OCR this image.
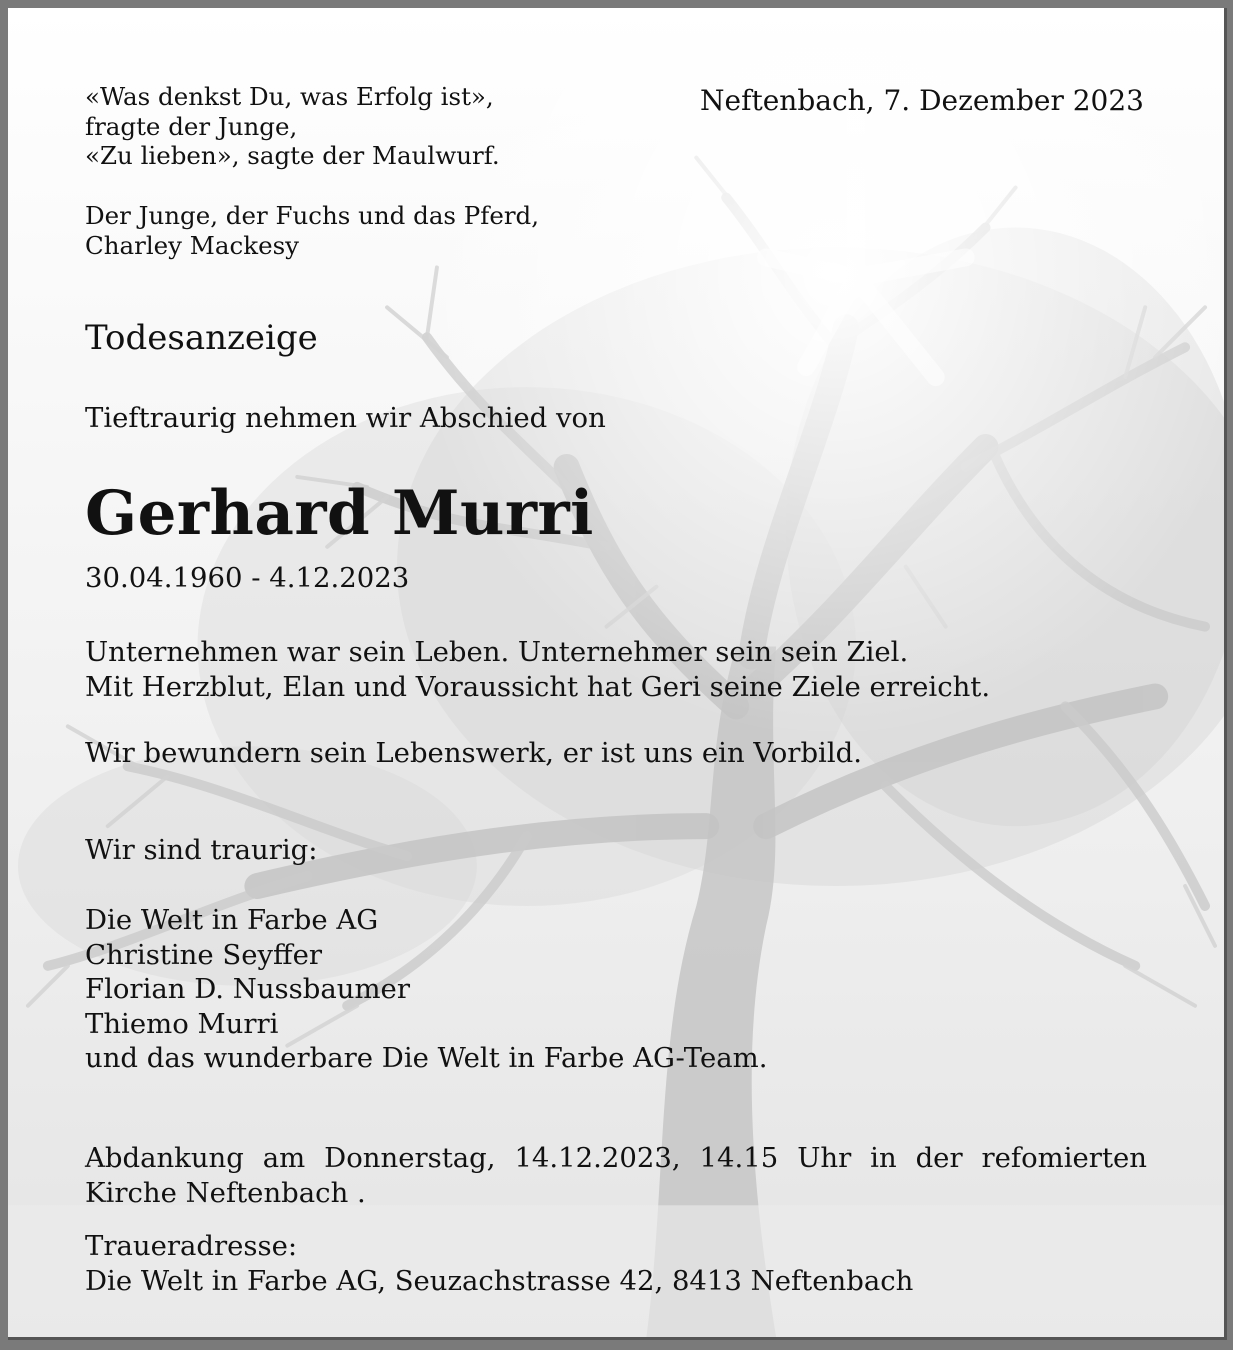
«Was denkst Du, was Erfolg ist»,
fragte der Junge,
«Zu lieben», sagte der Maulwurf.
Der Junge, der Fuchs und das Pferd,
Charley Mackesy
Neftenbach, 7. Dezember 2023
Todesanzeige
Tieftraurig nehmen wir Abschied von
Gerhard Murri
30.04.1960 - 4.12.2023
Unternehmen war sein Leben. Unternehmer sein sein Ziel.
Mit Herzblut, Elan und Voraussicht hat Geri seine Ziele erreicht.
Wir bewundern sein Lebenswerk, er ist uns ein Vorbild.
Wir sind traurig:
Die Welt in Farbe AG
Christine Seyffer
Florian D. Nussbaumer
Thiemo Murri
und das wunderbare Die Welt in Farbe AG-Team.
Abdankung am Donnerstag, 14.12.2023, 14.15 Uhr in der refomierten
Kirche Neftenbach .
Traueradresse:
Die Welt in Farbe AG, Seuzachstrasse 42, 8413 Neftenbach
